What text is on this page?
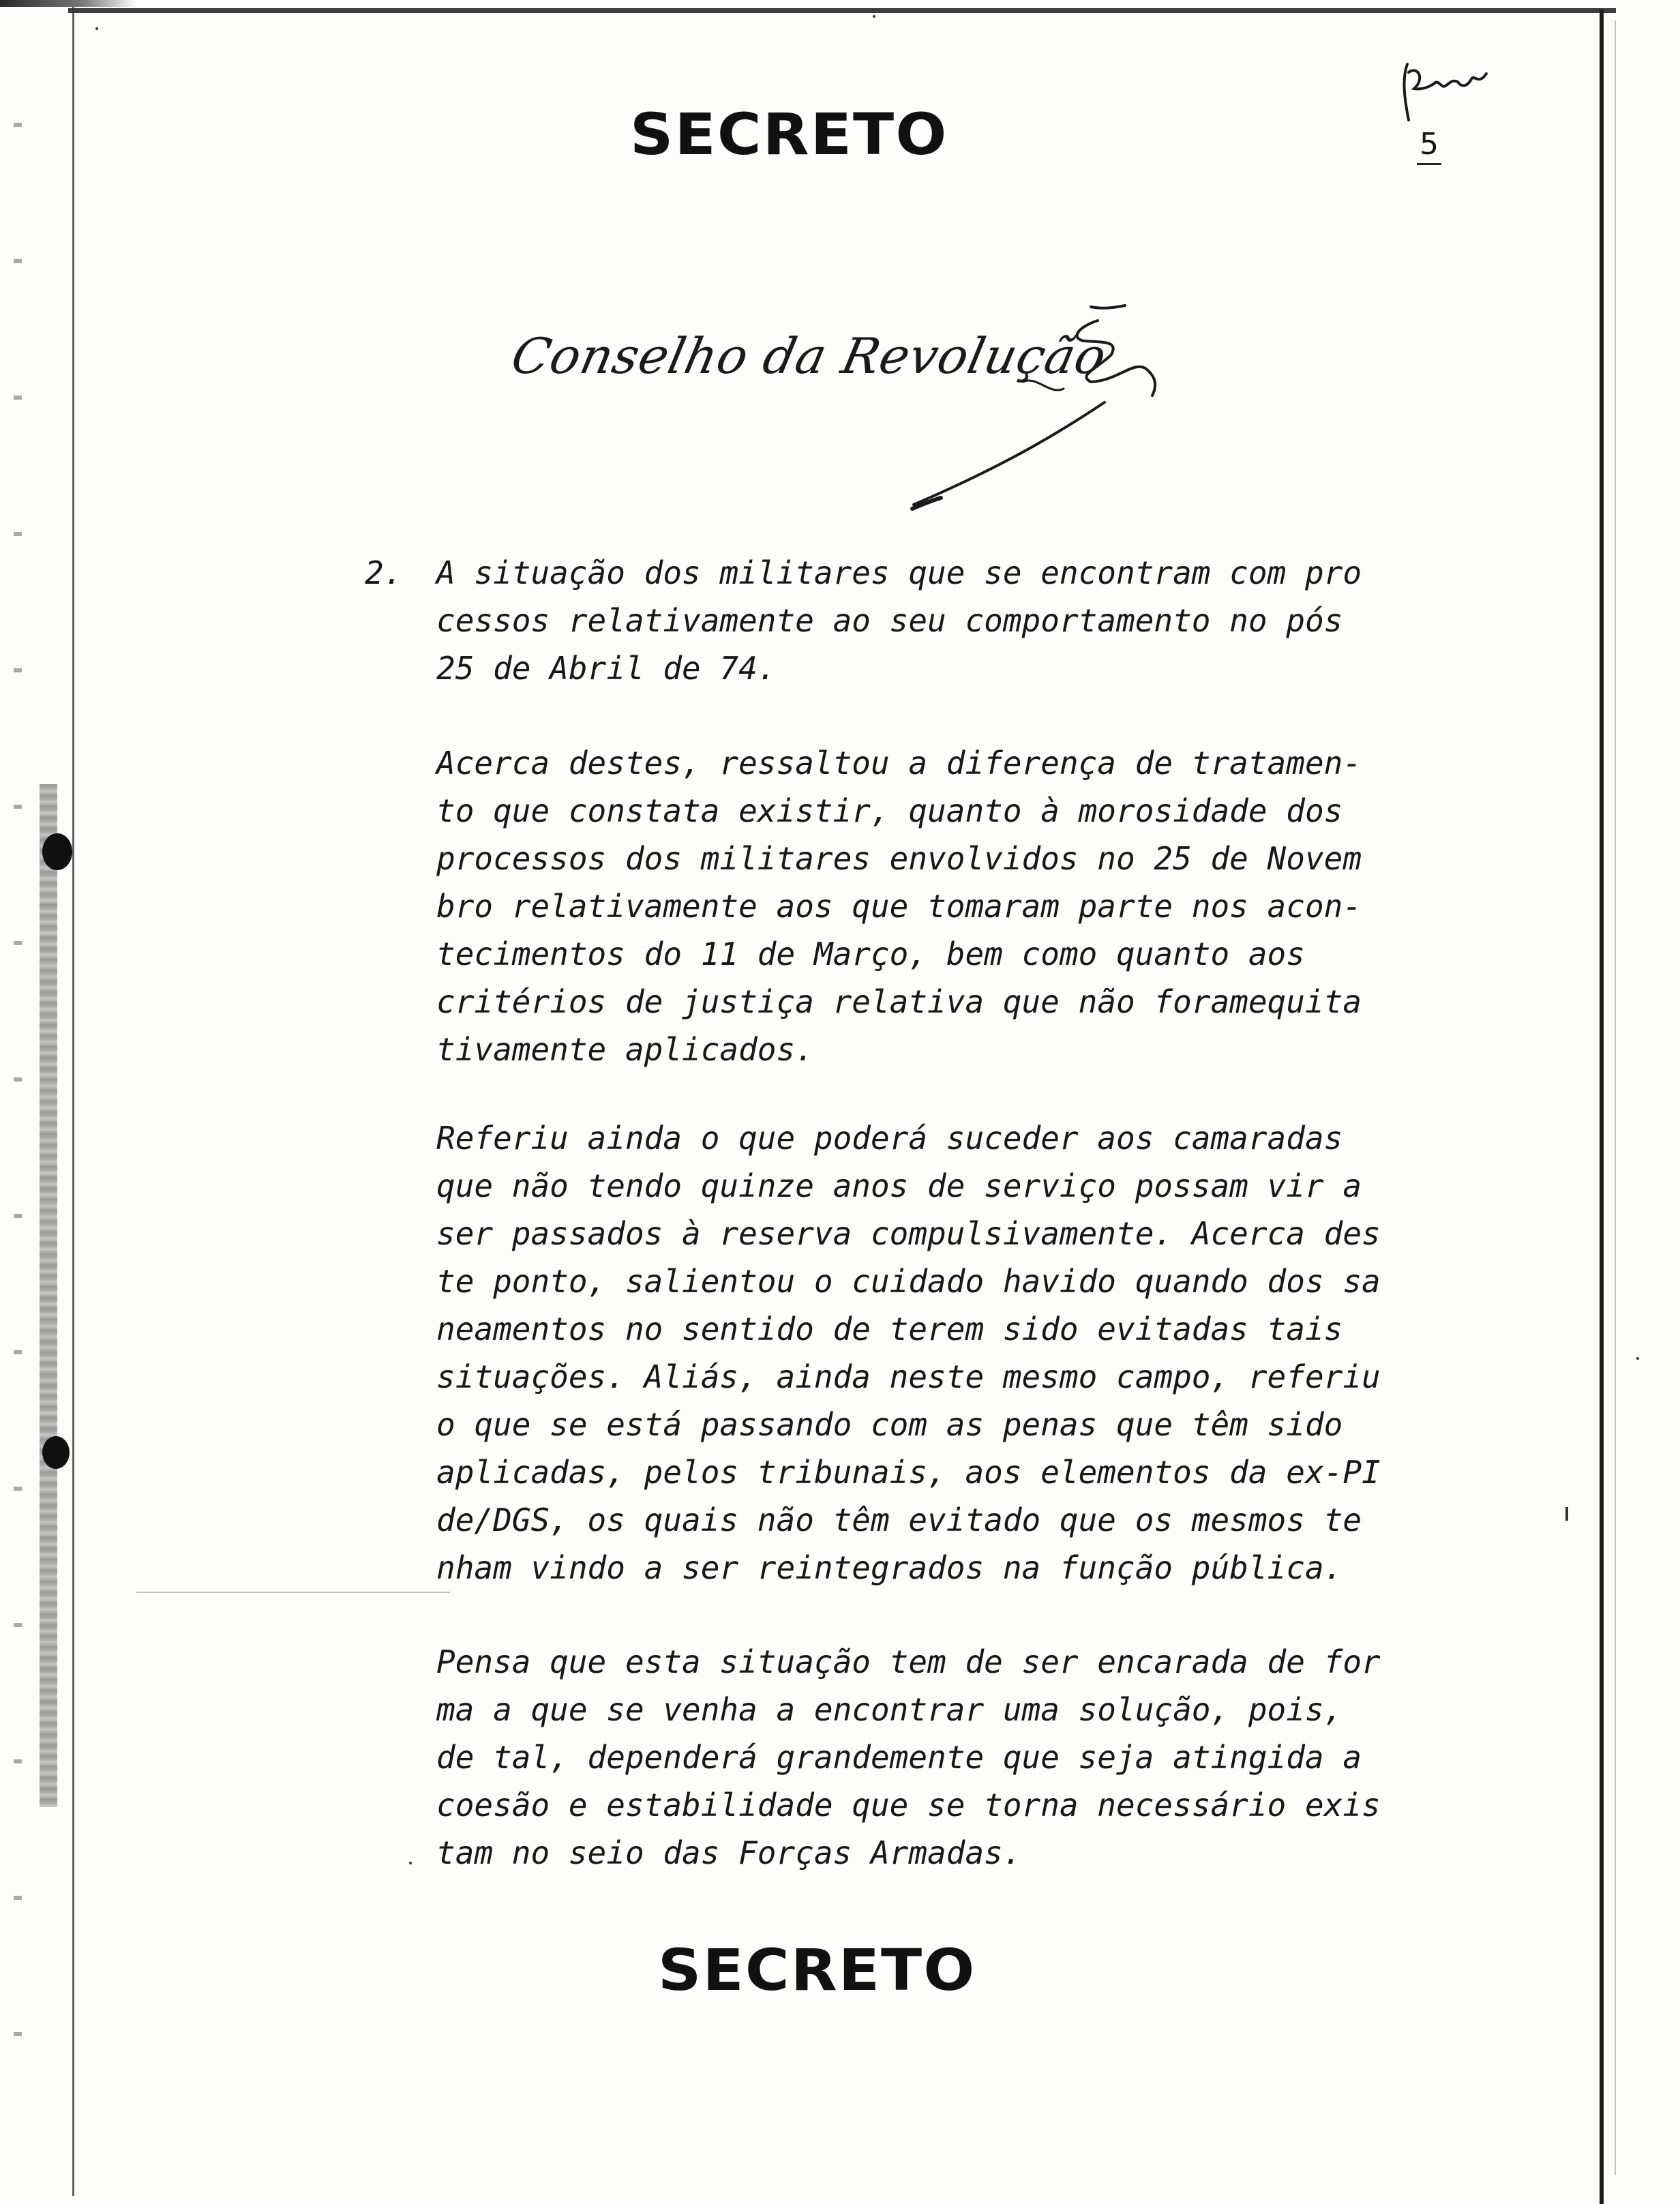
SECRETO	5
Conselho da Revolução
2. A situação dos militares que se encontram com pro
cessos relativamente ao seu comportamento no pós
25 de Abril de 74.
Acerca destes, ressaltou a diferença de tratamen-
to que constata existir, quanto à morosidade dos
processos dos militares envolvidos no 25 de Novem
bro relativamente aos que tomaram parte nos acon-
tecimentos do 11 de Março, bem como quanto aos
critérios de justiça relativa que não foramequita
tivamente aplicados.
Referiu ainda o que poderá suceder aos camaradas
que não tendo quinze anos de serviço possam vir a
ser passados à reserva compulsivamente. Acerca des
te ponto, salientou o cuidado havido quando dos sa
neamentos no sentido de terem sido evitadas tais
situações. Aliás, ainda neste mesmo campo, referiu
o que se está passando com as penas que têm sido
aplicadas, pelos tribunais, aos elementos da ex-PI
de/DGS, os quais não têm evitado que os mesmos te
nham vindo a ser reintegrados na função pública.
Pensa que esta situação tem de ser encarada de for
ma a que se venha a encontrar uma solução, pois,
de tal, dependerá grandemente que seja atingida a
coesão e estabilidade que se torna necessário exis
tam no seio das Forças Armadas.
SECRETO
